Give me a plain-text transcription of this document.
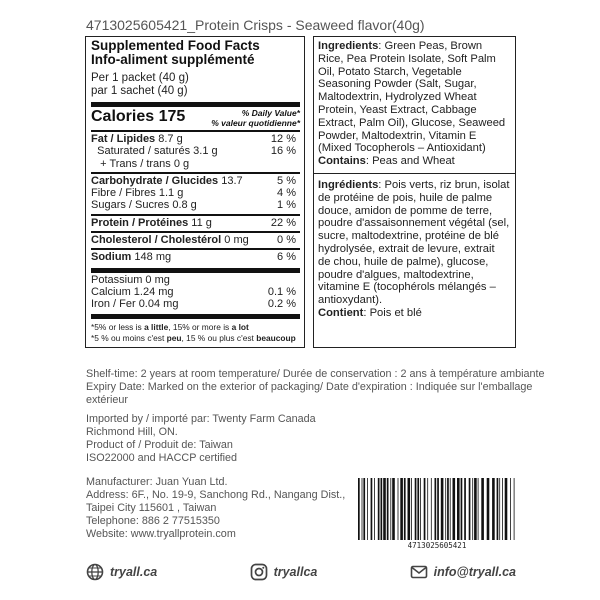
4713025605421_Protein Crisps - Seaweed flavor(40g)
Supplemented Food Facts
Info-aliment supplémenté
Per 1 packet (40 g)
par 1 sachet (40 g)
Calories 175	% Daily Value*
% valeur quotidienne*
Fat / Lipides 8.7 g	12 %
Saturated / saturés 3.1 g	16 %
+ Trans / trans 0 g
Carbohydrate / Glucides 13.7	5 %
Fibre / Fibres 1.1 g	4 %
Sugars / Sucres 0.8 g	1 %
Protein / Protéines 11 g	22 %
Cholesterol / Cholestérol 0 mg	0 %
Sodium 148 mg	6 %
Potassium 0 mg
Calcium 1.24 mg	0.1 %
Iron / Fer 0.04 mg	0.2 %
*5% or less is a little, 15% or more is a lot
*5 % ou moins c'est peu, 15 % ou plus c'est beaucoup

Ingredients: Green Peas, Brown Rice, Pea Protein Isolate, Soft Palm Oil, Potato Starch, Vegetable Seasoning Powder (Salt, Sugar, Maltodextrin, Hydrolyzed Wheat Protein, Yeast Extract, Cabbage Extract, Palm Oil), Glucose, Seaweed Powder, Maltodextrin, Vitamin E (Mixed Tocopherols – Antioxidant)

Contains: Peas and Wheat

Ingrédients: Pois verts, riz brun, isolat de protéine de pois, huile de palme douce, amidon de pomme de terre, poudre d'assaisonnement végétal (sel, sucre, maltodextrine, protéine de blé hydrolysée, extrait de levure, extrait de chou, huile de palme), glucose, poudre d'algues, maltodextrine, vitamine E (tocophérols mélangés – antioxydant).

Contient: Pois et blé

Shelf-time: 2 years at room temperature/ Durée de conservation : 2 ans à température ambiante
Expiry Date: Marked on the exterior of packaging/ Date d'expiration : Indiquée sur l'emballage
extérieur
Imported by / importé par: Twenty Farm Canada
Richmond Hill, ON.
Product of / Produit de: Taiwan
ISO22000 and HACCP certified
Manufacturer: Juan Yuan Ltd.
Address: 6F., No. 19-9, Sanchong Rd., Nangang Dist.,
Taipei City 115601 , Taiwan
Telephone: 886 2 77515350
Website: www.tryallprotein.com
4713025605421
tryall.ca	tryallca	info@tryall.ca
